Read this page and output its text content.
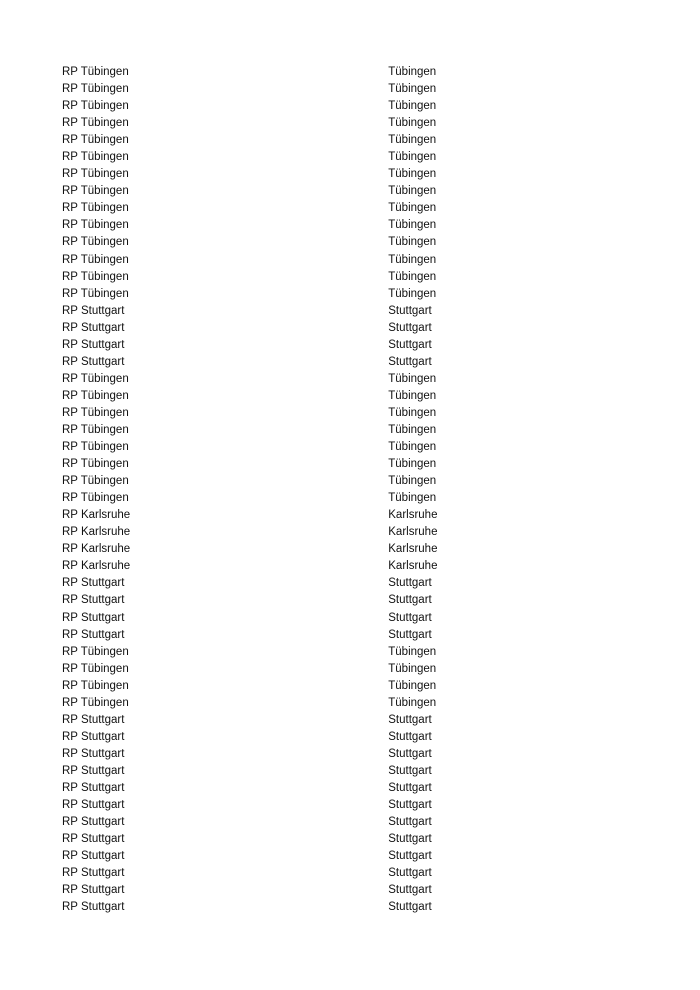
RP Tübingen	Tübingen
RP Tübingen	Tübingen
RP Tübingen	Tübingen
RP Tübingen	Tübingen
RP Tübingen	Tübingen
RP Tübingen	Tübingen
RP Tübingen	Tübingen
RP Tübingen	Tübingen
RP Tübingen	Tübingen
RP Tübingen	Tübingen
RP Tübingen	Tübingen
RP Tübingen	Tübingen
RP Tübingen	Tübingen
RP Tübingen	Tübingen
RP Stuttgart	Stuttgart
RP Stuttgart	Stuttgart
RP Stuttgart	Stuttgart
RP Stuttgart	Stuttgart
RP Tübingen	Tübingen
RP Tübingen	Tübingen
RP Tübingen	Tübingen
RP Tübingen	Tübingen
RP Tübingen	Tübingen
RP Tübingen	Tübingen
RP Tübingen	Tübingen
RP Tübingen	Tübingen
RP Karlsruhe	Karlsruhe
RP Karlsruhe	Karlsruhe
RP Karlsruhe	Karlsruhe
RP Karlsruhe	Karlsruhe
RP Stuttgart	Stuttgart
RP Stuttgart	Stuttgart
RP Stuttgart	Stuttgart
RP Stuttgart	Stuttgart
RP Tübingen	Tübingen
RP Tübingen	Tübingen
RP Tübingen	Tübingen
RP Tübingen	Tübingen
RP Stuttgart	Stuttgart
RP Stuttgart	Stuttgart
RP Stuttgart	Stuttgart
RP Stuttgart	Stuttgart
RP Stuttgart	Stuttgart
RP Stuttgart	Stuttgart
RP Stuttgart	Stuttgart
RP Stuttgart	Stuttgart
RP Stuttgart	Stuttgart
RP Stuttgart	Stuttgart
RP Stuttgart	Stuttgart
RP Stuttgart	Stuttgart
